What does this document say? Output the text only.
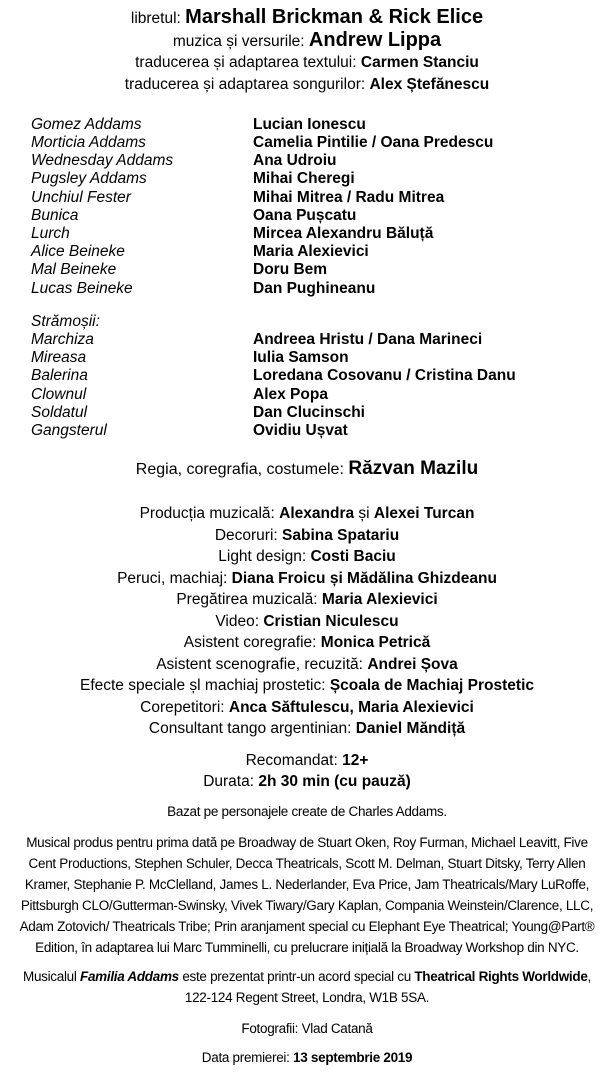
libretul: Marshall Brickman & Rick Elice
muzica și versurile: Andrew Lippa
traducerea și adaptarea textului: Carmen Stanciu
traducerea și adaptarea songurilor: Alex Ștefănescu
Gomez Addams	Lucian Ionescu
Morticia Addams	Camelia Pintilie / Oana Predescu
Wednesday Addams	Ana Udroiu
Pugsley Addams	Mihai Cheregi
Unchiul Fester	Mihai Mitrea / Radu Mitrea
Bunica	Oana Pușcatu
Lurch	Mircea Alexandru Băluță
Alice Beineke	Maria Alexievici
Mal Beineke	Doru Bem
Lucas Beineke	Dan Pughineanu
Strămoșii:
Marchiza	Andreea Hristu / Dana Marineci
Mireasa	Iulia Samson
Balerina	Loredana Cosovanu / Cristina Danu
Clownul	Alex Popa
Soldatul	Dan Clucinschi
Gangsterul	Ovidiu Ușvat
Regia, coregrafia, costumele: Răzvan Mazilu
Producția muzicală: Alexandra și Alexei Turcan
Decoruri: Sabina Spatariu
Light design: Costi Baciu
Peruci, machiaj: Diana Froicu și Mădălina Ghizdeanu
Pregătirea muzicală: Maria Alexievici
Video: Cristian Niculescu
Asistent coregrafie: Monica Petrică
Asistent scenografie, recuzită: Andrei Șova
Efecte speciale șl machiaj prostetic: Școala de Machiaj Prostetic
Corepetitori: Anca Săftulescu, Maria Alexievici
Consultant tango argentinian: Daniel Măndiță
Recomandat: 12+
Durata: 2h 30 min (cu pauză)

Bazat pe personajele create de Charles Addams.

Musical produs pentru prima dată pe Broadway de Stuart Oken, Roy Furman, Michael Leavitt, Five Cent Productions, Stephen Schuler, Decca Theatricals, Scott M. Delman, Stuart Ditsky, Terry Allen Kramer, Stephanie P. McClelland, James L. Nederlander, Eva Price, Jam Theatricals/Mary LuRoffe, Pittsburgh CLO/Gutterman-Swinsky, Vivek Tiwary/Gary Kaplan, Compania Weinstein/Clarence, LLC, Adam Zotovich/ Theatricals Tribe; Prin aranjament special cu Elephant Eye Theatrical; Young@Part® Edition, în adaptarea lui Marc Tumminelli, cu prelucrare inițială la Broadway Workshop din NYC.

Musicalul Familia Addams este prezentat printr-un acord special cu Theatrical Rights Worldwide, 122-124 Regent Street, Londra, W1B 5SA.

Fotografii: Vlad Catană

Data premierei: 13 septembrie 2019
